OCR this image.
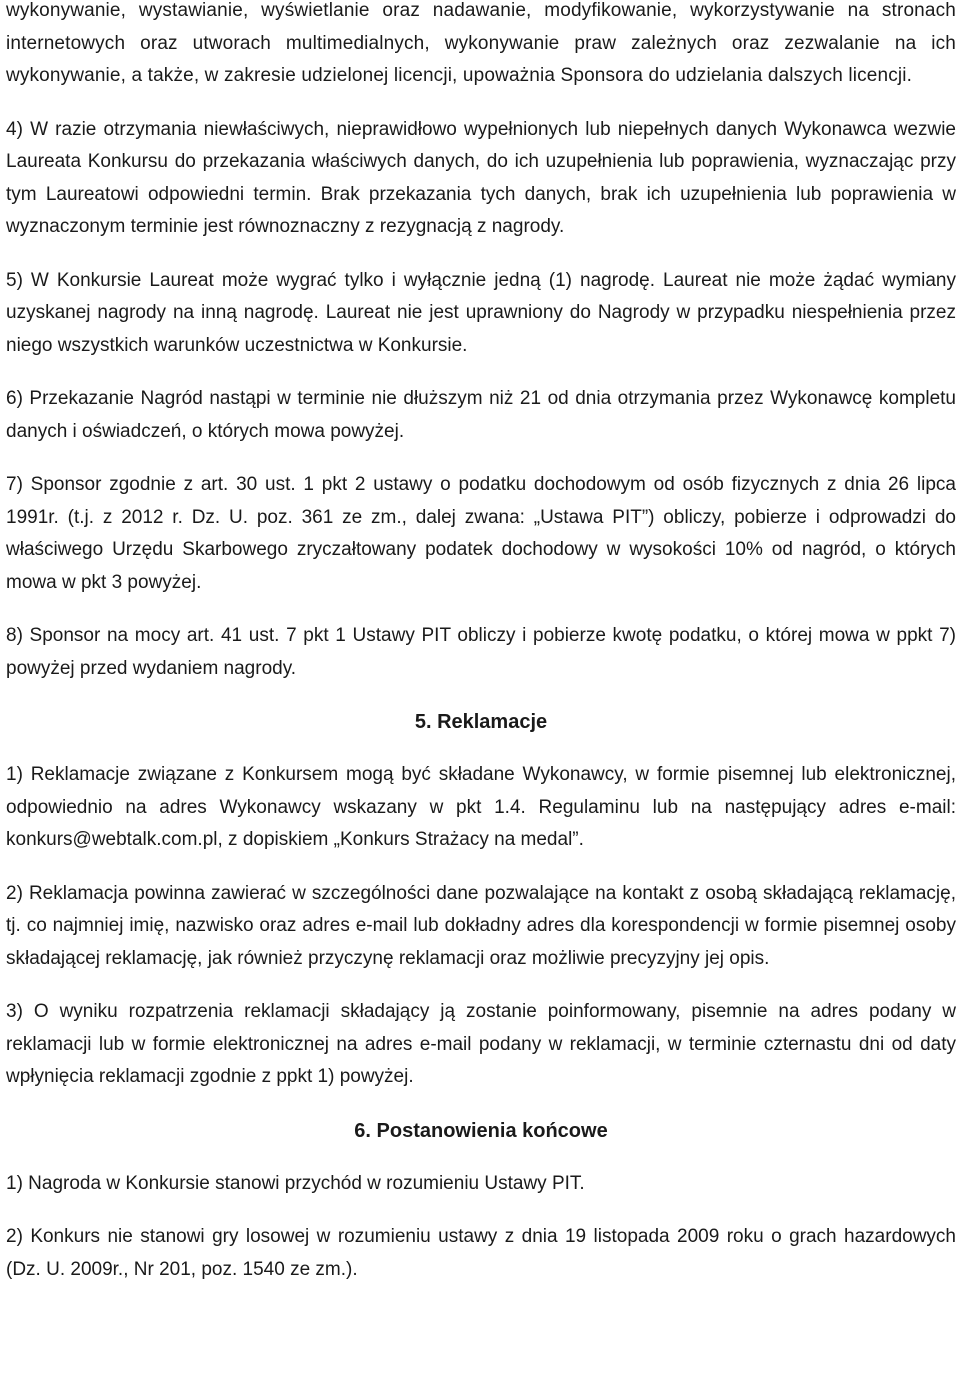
wykonywanie, wystawianie, wyświetlanie oraz nadawanie, modyfikowanie, wykorzystywanie na stronach internetowych oraz utworach multimedialnych, wykonywanie praw zależnych oraz zezwalanie na ich wykonywanie, a także, w zakresie udzielonej licencji, upoważnia Sponsora do udzielania dalszych licencji.

4) W razie otrzymania niewłaściwych, nieprawidłowo wypełnionych lub niepełnych danych Wykonawca wezwie Laureata Konkursu do przekazania właściwych danych, do ich uzupełnienia lub poprawienia, wyznaczając przy tym Laureatowi odpowiedni termin. Brak przekazania tych danych, brak ich uzupełnienia lub poprawienia w wyznaczonym terminie jest równoznaczny z rezygnacją z nagrody.

5) W Konkursie Laureat może wygrać tylko i wyłącznie jedną (1) nagrodę. Laureat nie może żądać wymiany uzyskanej nagrody na inną nagrodę. Laureat nie jest uprawniony do Nagrody w przypadku niespełnienia przez niego wszystkich warunków uczestnictwa w Konkursie.

6) Przekazanie Nagród nastąpi w terminie nie dłuższym niż 21 od dnia otrzymania przez Wykonawcę kompletu danych i oświadczeń, o których mowa powyżej.

7) Sponsor zgodnie z art. 30 ust. 1 pkt 2 ustawy o podatku dochodowym od osób fizycznych z dnia 26 lipca 1991r. (t.j. z 2012 r. Dz. U. poz. 361 ze zm., dalej zwana: „Ustawa PIT”) obliczy, pobierze i odprowadzi do właściwego Urzędu Skarbowego zryczałtowany podatek dochodowy w wysokości 10% od nagród, o których mowa w pkt 3 powyżej.

8) Sponsor na mocy art. 41 ust. 7 pkt 1 Ustawy PIT obliczy i pobierze kwotę podatku, o której mowa w ppkt 7) powyżej przed wydaniem nagrody.

5. Reklamacje

1) Reklamacje związane z Konkursem mogą być składane Wykonawcy, w formie pisemnej lub elektronicznej, odpowiednio na adres Wykonawcy wskazany w pkt 1.4. Regulaminu lub na następujący adres e-mail: konkurs@webtalk.com.pl, z dopiskiem „Konkurs Strażacy na medal”.

2) Reklamacja powinna zawierać w szczególności dane pozwalające na kontakt z osobą składającą reklamację, tj. co najmniej imię, nazwisko oraz adres e-mail lub dokładny adres dla korespondencji w formie pisemnej osoby składającej reklamację, jak również przyczynę reklamacji oraz możliwie precyzyjny jej opis.

3) O wyniku rozpatrzenia reklamacji składający ją zostanie poinformowany, pisemnie na adres podany w reklamacji lub w formie elektronicznej na adres e-mail podany w reklamacji, w terminie czternastu dni od daty wpłynięcia reklamacji zgodnie z ppkt 1) powyżej.

6. Postanowienia końcowe

1) Nagroda w Konkursie stanowi przychód w rozumieniu Ustawy PIT.

2) Konkurs nie stanowi gry losowej w rozumieniu ustawy z dnia 19 listopada 2009 roku o grach hazardowych (Dz. U. 2009r., Nr 201, poz. 1540 ze zm.).
